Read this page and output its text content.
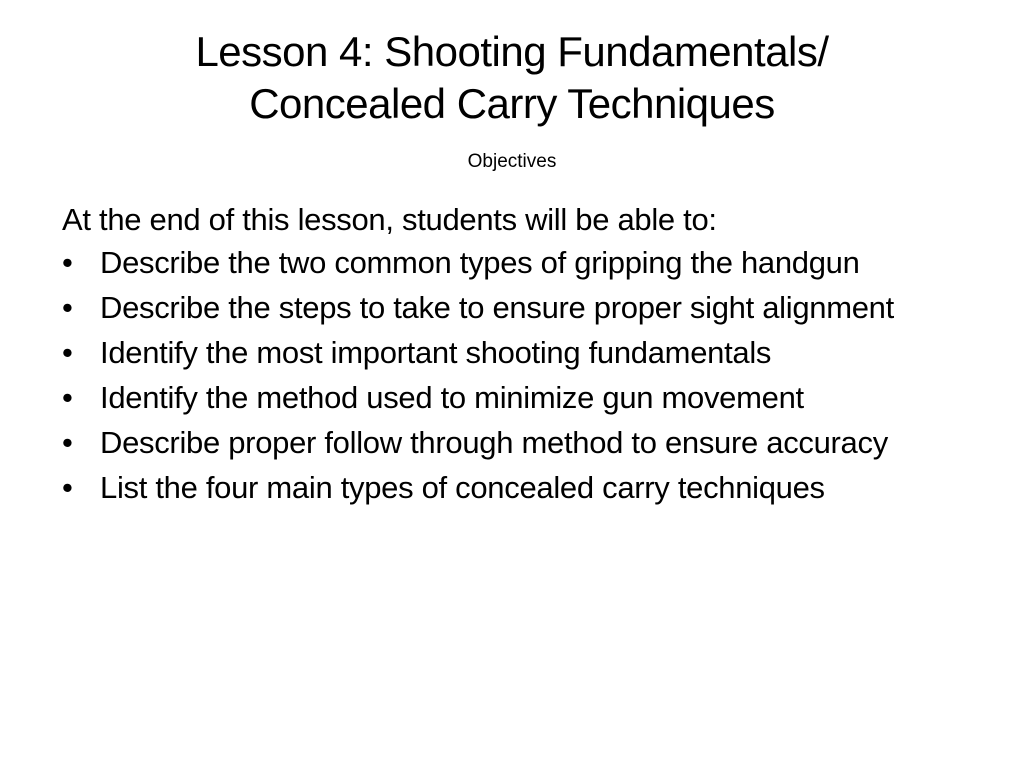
Lesson 4: Shooting Fundamentals/
Concealed Carry Techniques
Objectives
At the end of this lesson, students will be able to:
• Describe the two common types of gripping the handgun
• Describe the steps to take to ensure proper sight alignment
• Identify the most important shooting fundamentals
• Identify the method used to minimize gun movement
• Describe proper follow through method to ensure accuracy
• List the four main types of concealed carry techniques
